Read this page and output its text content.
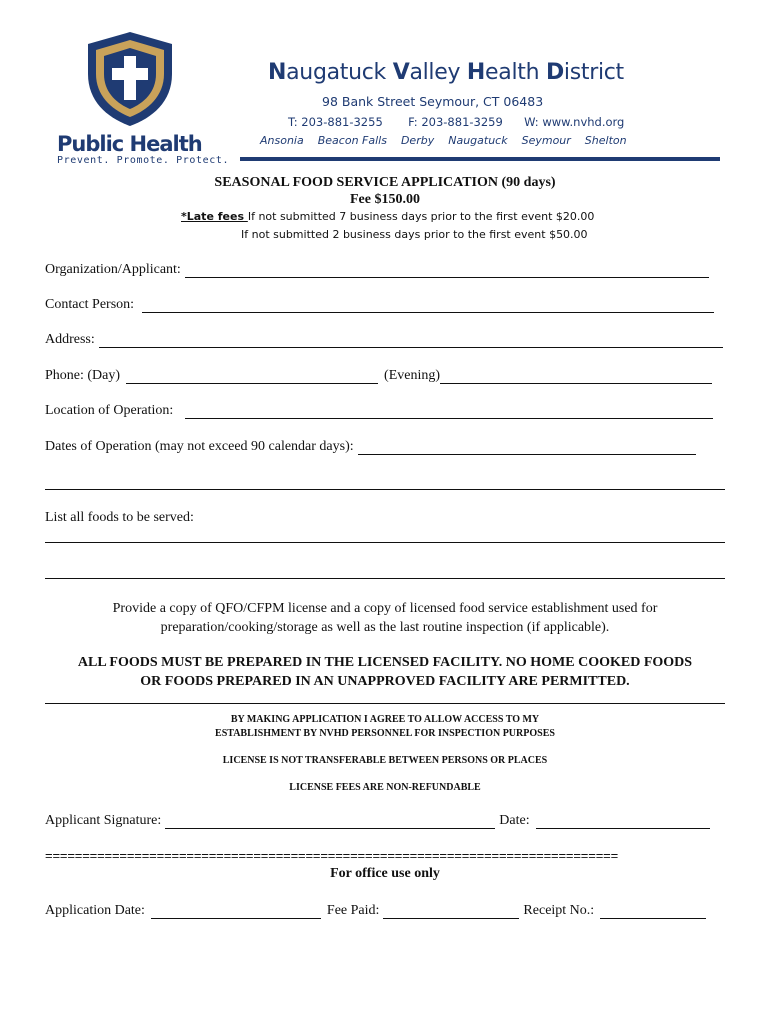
Public Health
Prevent. Promote. Protect.
Naugatuck Valley Health District
98 Bank Street Seymour, CT 06483
T: 203-881-3255 F: 203-881-3259 W: www.nvhd.org
Ansonia Beacon Falls Derby Naugatuck Seymour Shelton
SEASONAL FOOD SERVICE APPLICATION (90 days)
Fee $150.00
*Late fees If not submitted 7 business days prior to the first event $20.00
If not submitted 2 business days prior to the first event $50.00
Organization/Applicant:
Contact Person:
Address:
Phone: (Day)	(Evening)
Location of Operation:
Dates of Operation (may not exceed 90 calendar days):
List all foods to be served:
Provide a copy of QFO/CFPM license and a copy of licensed food service establishment used for preparation/cooking/storage as well as the last routine inspection (if applicable).
ALL FOODS MUST BE PREPARED IN THE LICENSED FACILITY. NO HOME COOKED FOODS
OR FOODS PREPARED IN AN UNAPPROVED FACILITY ARE PERMITTED.
BY MAKING APPLICATION I AGREE TO ALLOW ACCESS TO MY
ESTABLISHMENT BY NVHD PERSONNEL FOR INSPECTION PURPOSES
LICENSE IS NOT TRANSFERABLE BETWEEN PERSONS OR PLACES
LICENSE FEES ARE NON-REFUNDABLE
Applicant Signature:	Date:
=============================================================================
For office use only
Application Date:	Fee Paid:	Receipt No.:
